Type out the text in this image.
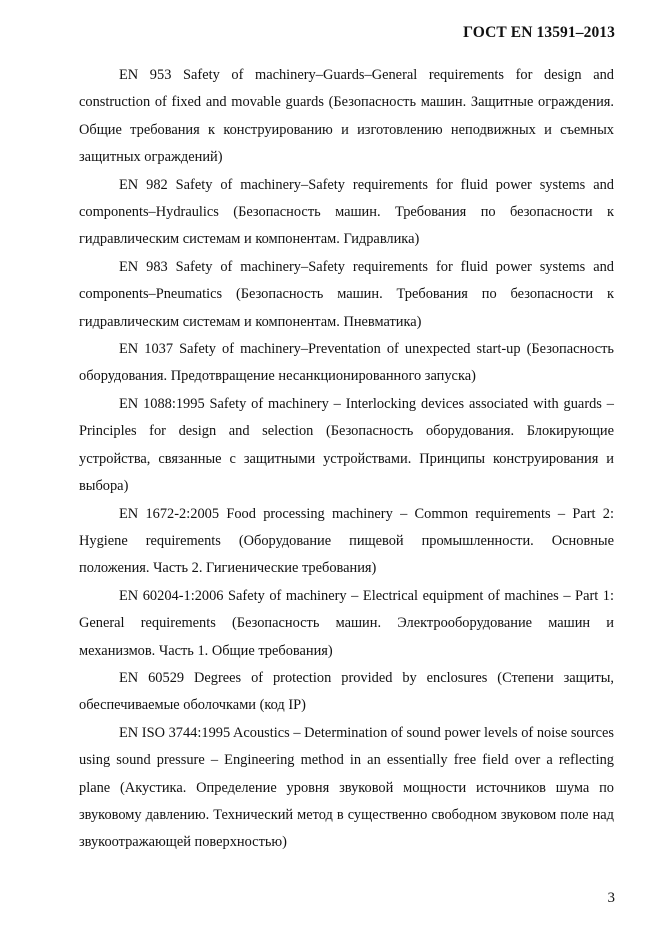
ГОСТ EN 13591–2013

EN 953 Safety of machinery–Guards–General requirements for design and construction of fixed and movable guards (Безопасность машин. Защитные ограждения. Общие требования к конструированию и изготовлению неподвижных и съемных защитных ограждений)

EN 982 Safety of machinery–Safety requirements for fluid power systems and components–Hydraulics (Безопасность машин. Требования по безопасности к гидравлическим системам и компонентам. Гидравлика)

EN 983 Safety of machinery–Safety requirements for fluid power systems and components–Pneumatics (Безопасность машин. Требования по безопасности к гидравлическим системам и компонентам. Пневматика)

EN 1037 Safety of machinery–Preventation of unexpected start-up (Безопасность оборудования. Предотвращение несанкционированного запуска)

EN 1088:1995 Safety of machinery – Interlocking devices associated with guards – Principles for design and selection (Безопасность оборудования. Блокирующие устройства, связанные с защитными устройствами. Принципы конструирования и выбора)

EN 1672-2:2005 Food processing machinery – Common requirements – Part 2: Hygiene requirements (Оборудование пищевой промышленности. Основные положения. Часть 2. Гигиенические требования)

EN 60204-1:2006 Safety of machinery – Electrical equipment of machines – Part 1: General requirements (Безопасность машин. Электрооборудование машин и механизмов. Часть 1. Общие требования)

EN 60529 Degrees of protection provided by enclosures (Степени защиты, обеспечиваемые оболочками (код IP)

EN ISO 3744:1995 Acoustics – Determination of sound power levels of noise sources using sound pressure – Engineering method in an essentially free field over a reflecting plane (Акустика. Определение уровня звуковой мощности источников шума по звуковому давлению. Технический метод в существенно свободном звуковом поле над звукоотражающей поверхностью)

3
